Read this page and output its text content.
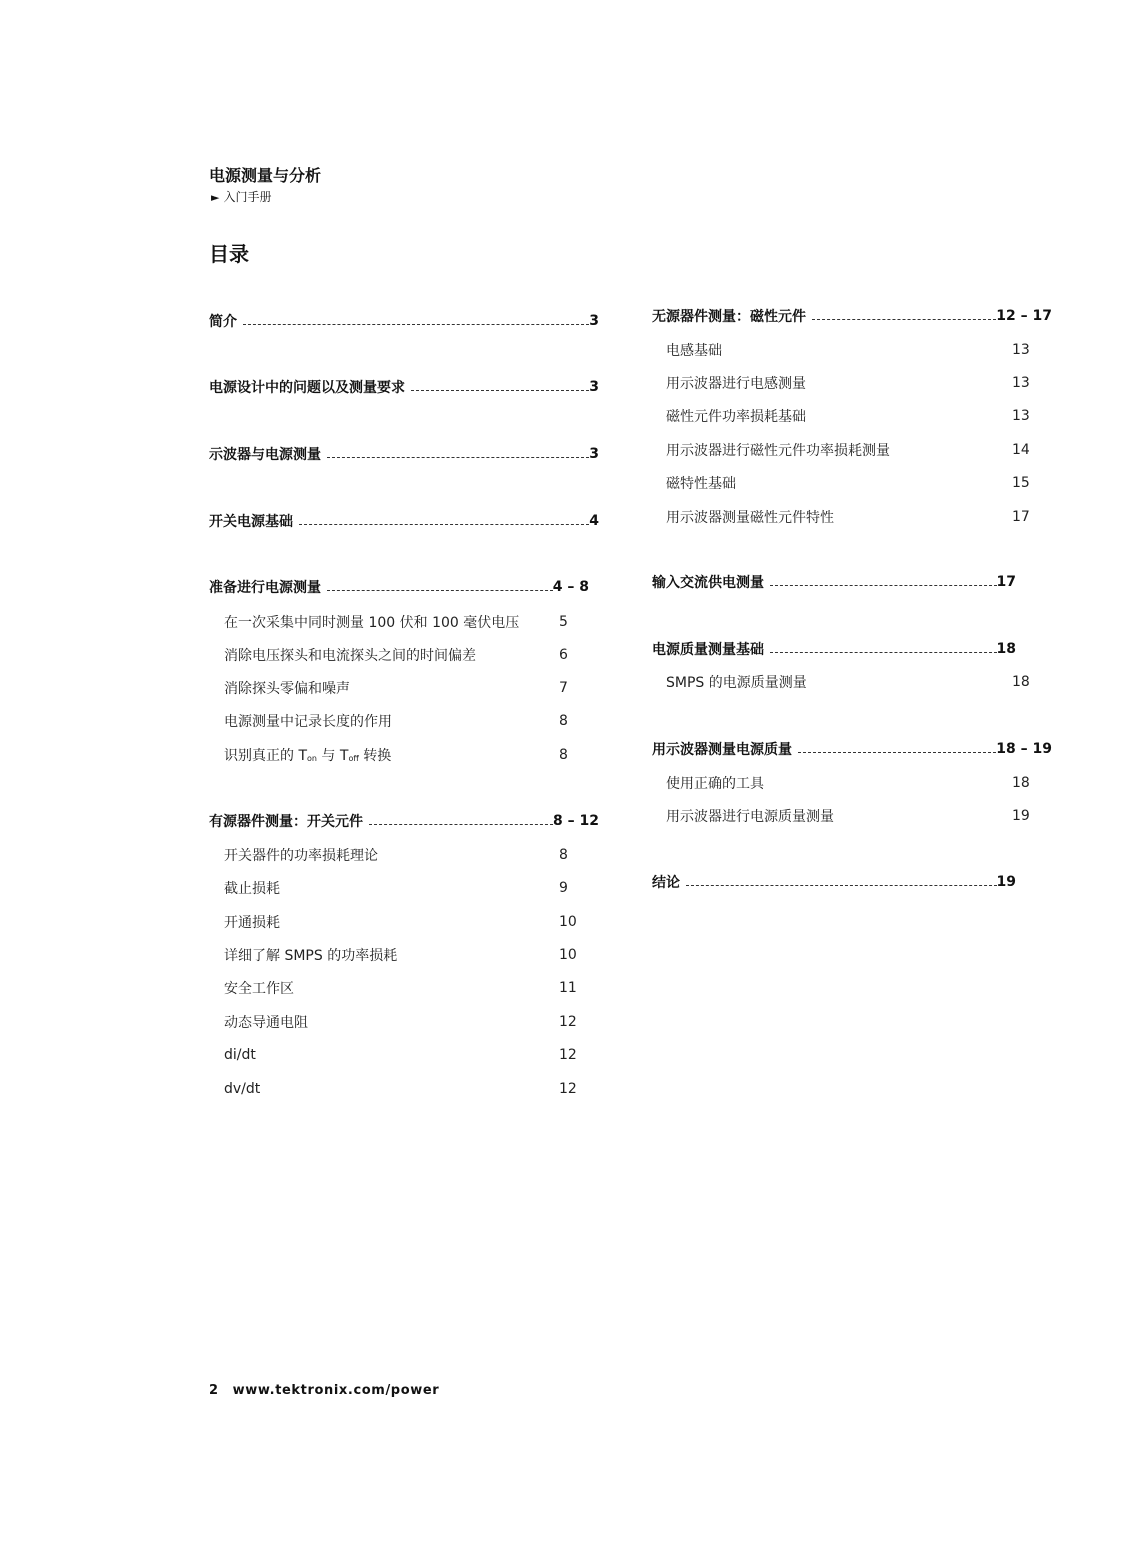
电源测量与分析
► 入门手册
目录
简介	3
电源设计中的问题以及测量要求	3
示波器与电源测量	3
开关电源基础	4
准备进行电源测量	4 – 8
在一次采集中同时测量 100 伏和 100 毫伏电压	5
消除电压探头和电流探头之间的时间偏差	6
消除探头零偏和噪声	7
电源测量中记录长度的作用	8
识别真正的 $T_{on}$ 与 $T_{off}$ 转换	8
有源器件测量：开关元件	8 – 12
开关器件的功率损耗理论	8
截止损耗	9
开通损耗	10
详细了解 SMPS 的功率损耗	10
安全工作区	11
动态导通电阻	12
di/dt	12
dv/dt	12
无源器件测量：磁性元件	12 – 17
电感基础	13
用示波器进行电感测量	13
磁性元件功率损耗基础	13
用示波器进行磁性元件功率损耗测量	14
磁特性基础	15
用示波器测量磁性元件特性	17
输入交流供电测量	17
电源质量测量基础	18
SMPS 的电源质量测量	18
用示波器测量电源质量	18 – 19
使用正确的工具	18
用示波器进行电源质量测量	19
结论	19
2 www.tektronix.com/power
